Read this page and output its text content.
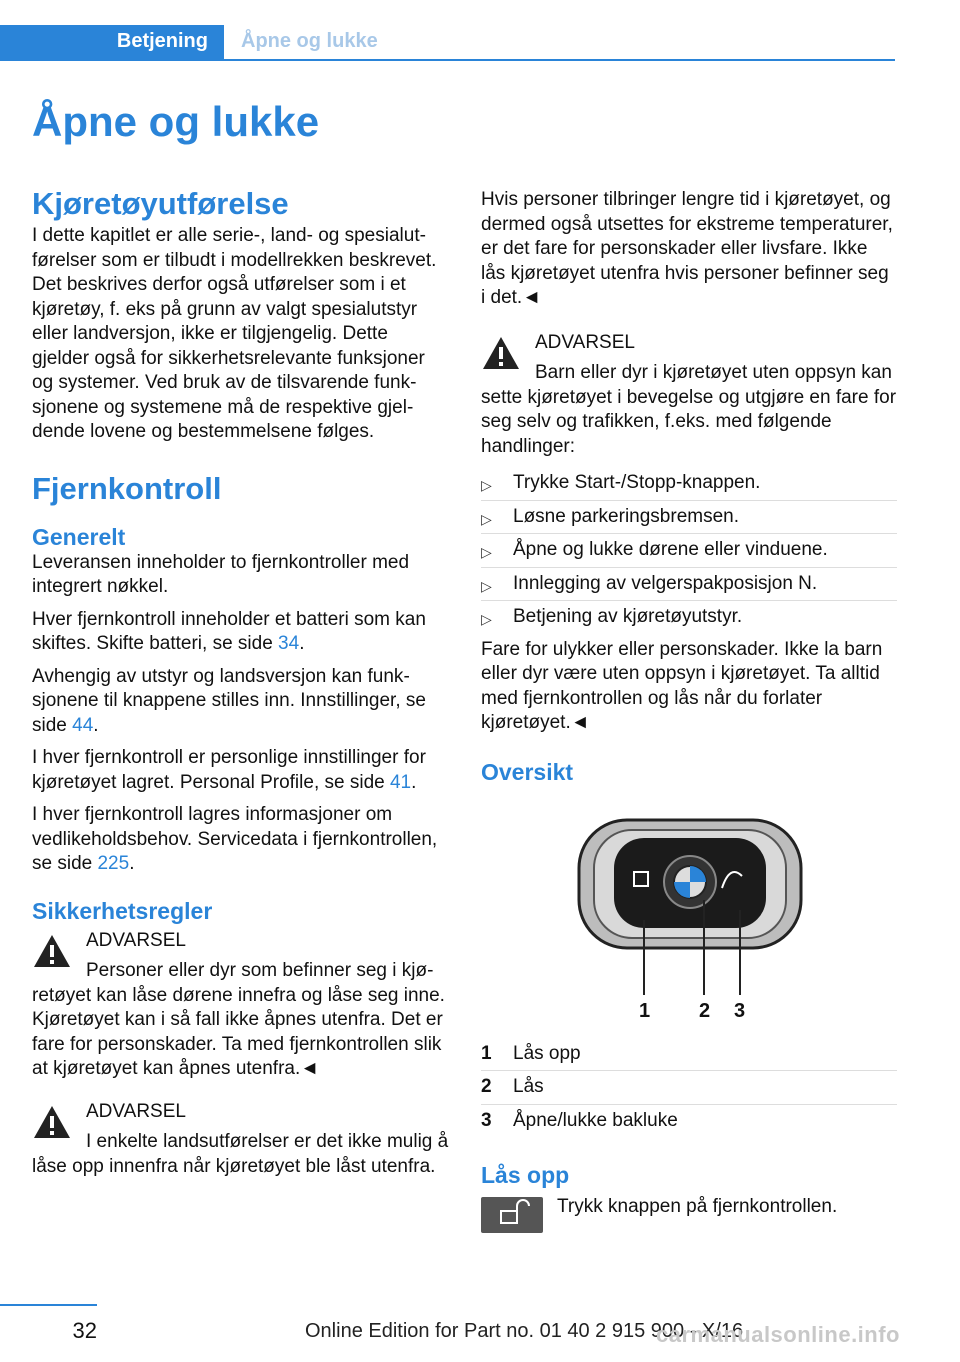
Betjening Åpne og lukke
Åpne og lukke
Kjøretøyutførelse

I dette kapitlet er alle serie-, land- og spesialutførelser som er tilbudt i modellrekken beskrevet. Det beskrives derfor også utførelser som i et kjøretøy, f. eks på grunn av valgt spesialutstyr eller landversjon, ikke er tilgjengelig. Dette gjelder også for sikkerhetsrelevante funksjoner og systemer. Ved bruk av de tilsvarende funksjonene og systemene må de respektive gjeldende lovene og bestemmelsene følges.

Fjernkontroll
Generelt

Leveransen inneholder to fjernkontroller med integrert nøkkel.

Hver fjernkontroll inneholder et batteri som kan skiftes. Skifte batteri, se side 34.

Avhengig av utstyr og landsversjon kan funksjonene til knappene stilles inn. Innstillinger, se side 44.

I hver fjernkontroll er personlige innstillinger for kjøretøyet lagret. Personal Profile, se side 41.

I hver fjernkontroll lagres informasjoner om vedlikeholdsbehov. Servicedata i fjernkontrollen, se side 225.

Sikkerhetsregler
ADVARSEL

Personer eller dyr som befinner seg i kjøretøyet kan låse dørene innefra og låse seg inne. Kjøretøyet kan i så fall ikke åpnes utenfra. Det er fare for personskader. Ta med fjernkontrollen slik at kjøretøyet kan åpnes utenfra.◄

ADVARSEL

I enkelte landsutførelser er det ikke mulig å låse opp innenfra når kjøretøyet ble låst utenfra.

Hvis personer tilbringer lengre tid i kjøretøyet, og dermed også utsettes for ekstreme temperaturer, er det fare for personskader eller livsfare. Ikke lås kjøretøyet utenfra hvis personer befinner seg i det.◄

ADVARSEL

Barn eller dyr i kjøretøyet uten oppsyn kan sette kjøretøyet i bevegelse og utgjøre en fare for seg selv og trafikken, f.eks. med følgende handlinger:

▷ Trykke Start-/Stopp-knappen.
▷ Løsne parkeringsbremsen.
▷ Åpne og lukke dørene eller vinduene.
▷ Innlegging av velgerspakposisjon N.
▷ Betjening av kjøretøyutstyr.

Fare for ulykker eller personskader. Ikke la barn eller dyr være uten oppsyn i kjøretøyet. Ta alltid med fjernkontrollen og lås når du forlater kjøretøyet.◄

Oversikt
1 2 3
1 Lås opp
2 Lås
3 Åpne/lukke bakluke
Lås opp

Trykk knappen på fjernkontrollen.

32	Online Edition for Part no. 01 40 2 915 900 - X/16
carmanualsonline.info
